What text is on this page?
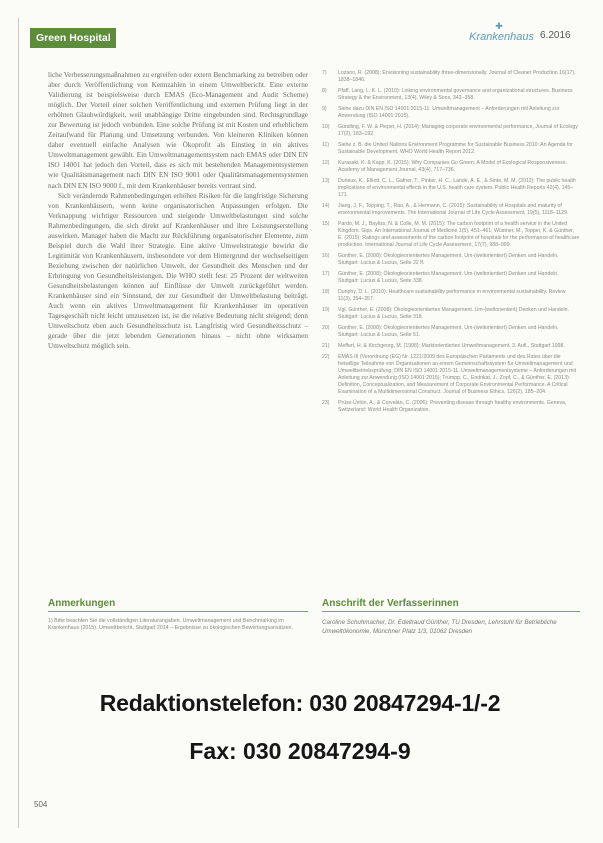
Green Hospital
✚
Krankenhaus 6.2016

liche Verbesserungsmaßnahmen zu ergreifen oder extern Benchmarking zu betreiben oder aber durch Veröffentlichung von Kennzahlen in einem Umweltbericht. Eine externe Validierung ist beispielsweise durch EMAS (Eco-Management and Audit Scheme) möglich. Der Vorteil einer solchen Veröffentlichung und externen Prüfung liegt in der erhöhten Glaubwürdigkeit, weil unabhängige Dritte eingebunden sind. Rechtsgrundlage zur Bewertung ist jedoch verbunden. Eine solche Prüfung ist mit Kosten und erheblichem Zeitaufwand für Planung und Umsetzung verbunden. Von kleineren Kliniken können daher eventuell einfache Analysen wie Ökoprofit als Einstieg in ein aktives Umweltmanagement gewählt. Ein Umweltmanagementsystem nach EMAS oder DIN EN ISO 14001 hat jedoch den Vorteil, dass es sich mit bestehenden Managementsystemen wie Qualitätsmanagement nach DIN EN ISO 9001 oder Qualitätsmanagementsystemen nach DIN EN ISO 9000 f., mit dem Krankenhäuser bereits vertraut sind.

Sich verändernde Rahmenbedingungen erhöhen Risiken für die langfristige Sicherung von Krankenhäusern, wenn keine organisatorischen Anpassungen erfolgen. Die Verknappung wichtiger Ressourcen und steigende Umweltbelastungen sind solche Rahmenbedingungen, die sich direkt auf Krankenhäuser und ihre Leistungserstellung auswirken. Manager haben die Macht zur Rückführung organisatorischer Elemente, zum Beispiel durch die Wahl ihrer Strategie. Eine aktive Umweltstrategie bewirkt die Legitimität von Krankenhäusern, insbesondere vor dem Hintergrund der wechselseitigen Beziehung zwischen der natürlichen Umwelt, der Gesundheit des Menschen und der Erbringung von Gesundheitsleistungen. Die WHO stellt fest: 25 Prozent der weltweiten Gesundheitsbelastungen können auf Einflüsse der Umwelt zurückgeführt werden. Krankenhäuser sind ein Sinnstand, der zur Gesundheit der Umweltbelastung beiträgt. Auch wenn ein aktives Umweltmanagement für Krankenhäuser im operativen Tagesgeschäft nicht leicht umzusetzen ist, ist die relative Bedeutung nicht steigend; denn Umweltschutz eben auch Gesundheitsschutz ist. Langfristig wird Gesundheitsschutz – gerade über die jetzt lebenden Generationen hinaus – nicht ohne wirksamen Umweltschutz möglich sein.

7) Lozano, R. (2008): Envisioning sustainability three-dimensionally. Journal of Cleaner Production 16(17), 1838–1846.
8) Pfaff, Lang, L. K. L. (2010): Linking environmental governance and organizational structures. Business Strategy & the Environment, 13(4), Wiley & Sons, 342–358.
9) Siehe dazu DIN EN ISO 14001:2015-11. Umweltmanagement – Anforderungen mit Anleitung zur Anwendung (ISO 14001:2015).
10) Gündling, F. W. & Pieper, H. (2014): Managing corporate environmental performance, Journal of Ecology 17(2), 183–192.
11) Siehe z. B. die United Nations Environment Programme for Sustainable Business 2010: An Agenda for Sustainable Development. WHO World Health Report 2012.
12) Kurasaki, K. & Kapp, K. (2015): Why Companies Go Green: A Model of Ecological Responsiveness. Academy of Management Journal, 43(4), 717–736.
13) Durieux, K., Elliott, C. L., Gafner, T., Pinker, H. C., Lande, A. E., & Sinte, M. M. (2012): The public health implications of environmental effects in the U.S. health care system. Public Health Reports 42(4), 145–171.
14) Jiang, J. F., Topping, T., Rao, A., & Hermann, C. (2015): Sustainability of Hospitals and maturity of environmental improvements. The International Journal of Life Cycle Assessment, 19(5), 1118–1129.
15) Pardo, M. J., Bayliss, N. & Colle, M. M. (2015): The carbon footprint of a health service in the United Kingdom. Gips. An International Journal of Medicine 1(5), 451–461; Wüstner, M., Topper, K. & Günther, E. (2015): Ratings and assessments of the carbon footprint of hospitals for the performance of healthcare production. International Journal of Life Cycle Assessment, 17(7), 988–999.
16) Günther, E. (2008): Ökologieorientiertes Management. Um-(weltorientiert) Denken und Handeln. Stuttgart: Lucius & Lucius, Seite 22 ff.
17) Günther, E. (2008): Ökologieorientiertes Management. Um-(weltorientiert) Denken und Handeln. Stuttgart: Lucius & Lucius, Seite 338.
18) Dunphy, D. L. (2010): Healthcare sustainability performance in environmental sustainability. Review 11(3), 354–357.
19) Vgl. Günther, E. (2008): Ökologieorientiertes Management. Um-(weltorientiert) Denken und Handeln. Stuttgart: Lucius & Lucius, Seite 318.
20) Günther, E. (2008): Ökologieorientiertes Management. Um-(weltorientiert) Denken und Handeln. Stuttgart: Lucius & Lucius, Seite 51.
21) Meffert, H. & Kirchgeorg, M. (1998): Marktorientiertes Umweltmanagement. 3. Aufl., Stuttgart 1998.
22) EMAS III (Verordnung (EG) Nr. 1221/2009 des Europäischen Parlaments und des Rates über die freiwillige Teilnahme von Organisationen an einem Gemeinschaftssystem für Umweltmanagement und Umweltbetriebsprüfung; DIN EN ISO 14001:2015-11. Umweltmanagementsysteme – Anforderungen mit Anleitung zur Anwendung (ISO 14001:2015); Trumpp, C., Endrikat, J., Zopf, C., & Günther, E. (2013): Definition, Conceptualization, and Measurement of Corporate Environmental Performance. A Critical Examination of a Multidimensional Construct. Journal of Business Ethics, 126(2), 185–204.
23) Prüss-Üstün, A., & Corvalán, C. (2006): Preventing disease through healthy environments. Geneva, Switzerland: World Health Organization.
Anmerkungen
1) Bitte beachten Sie die vollständigen Literaturangaben. Umweltmanagement und Benchmarking im Krankenhaus (2015). Umweltbericht, Stuttgart 2014 – Ergebnisse zu ökologischen Bewertungsansätzen.
Anschrift der Verfasserinnen
Caroline Schuhmacher, Dr. Edeltraud Günther, TU Dresden, Lehrstuhl für Betriebliche Umweltökonomie, Münchner Platz 1/3, 01062 Dresden
Redaktionstelefon: 030 20847294-1/-2
Fax: 030 20847294-9
504
